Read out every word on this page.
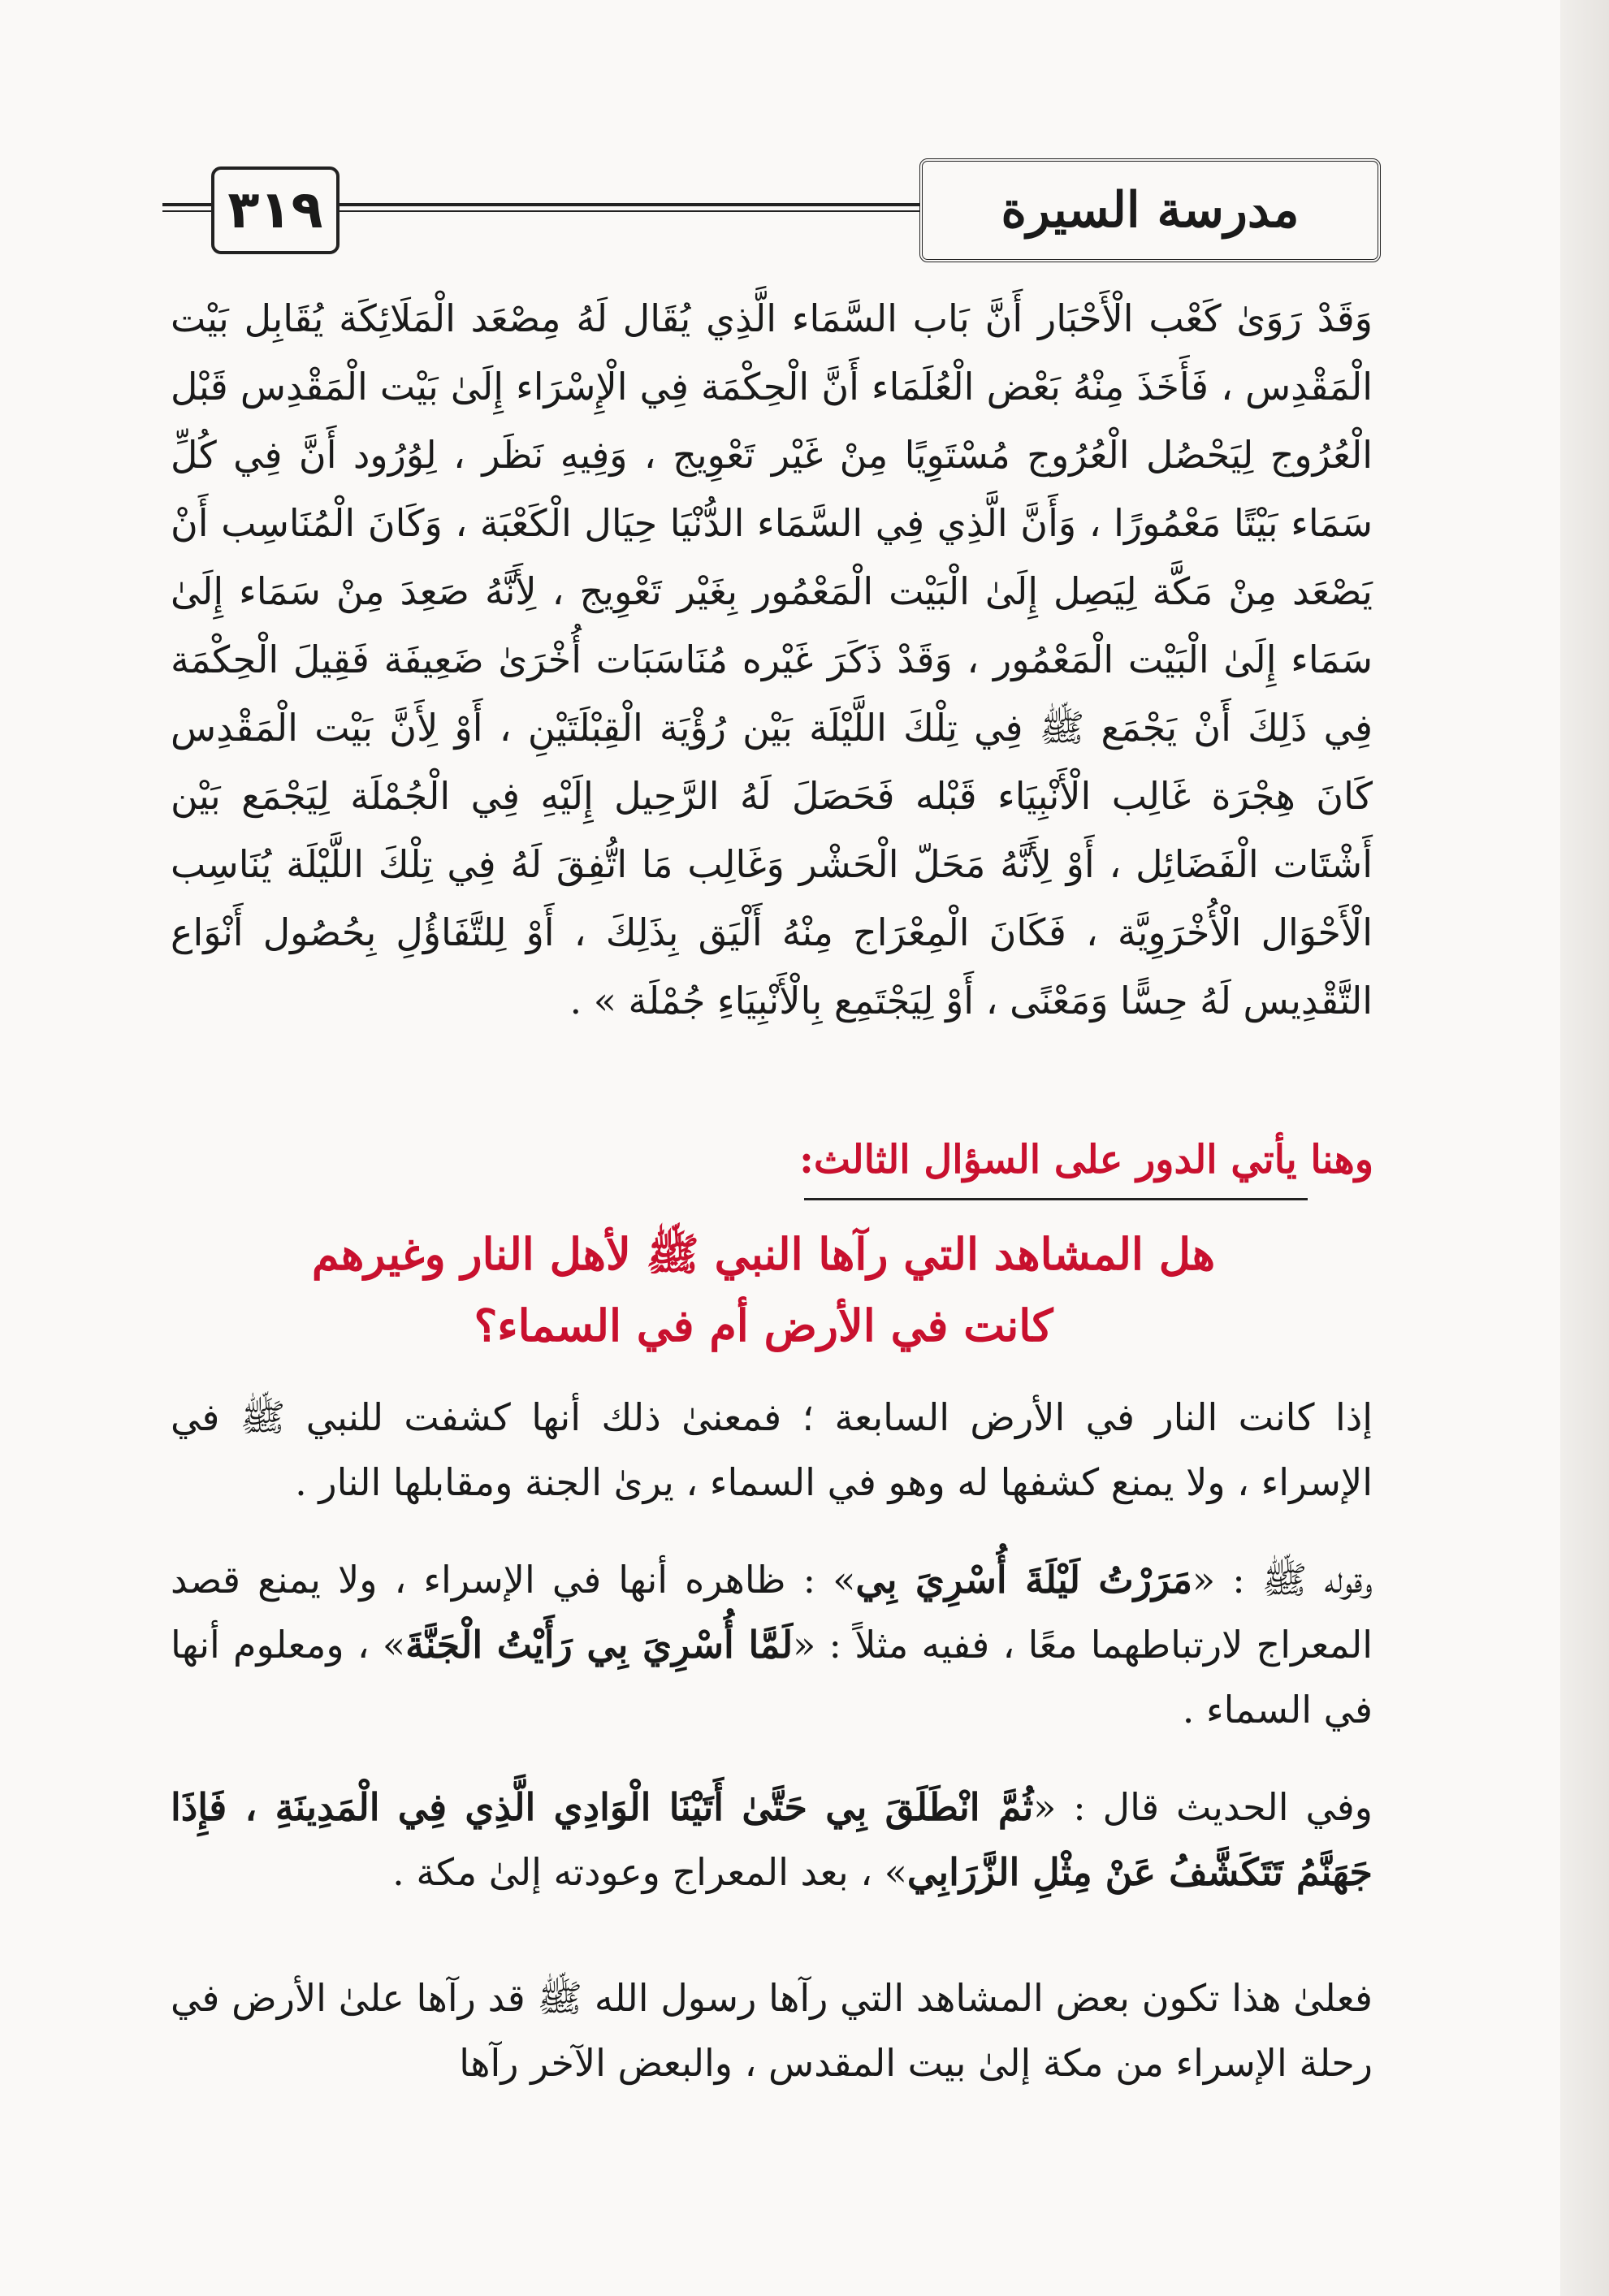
٣١٩	مدرسة السيرة
وَقَدْ رَوَىٰ كَعْب الْأَحْبَار أَنَّ بَاب السَّمَاء الَّذِي يُقَال لَهُ مِصْعَد الْمَلَائِكَة يُقَابِل بَيْت الْمَقْدِس ، فَأَخَذَ مِنْهُ بَعْض الْعُلَمَاء أَنَّ الْحِكْمَة فِي الْإِسْرَاء إِلَىٰ بَيْت الْمَقْدِس قَبْل الْعُرُوج لِيَحْصُل الْعُرُوج مُسْتَوِيًا مِنْ غَيْر تَعْوِيج ، وَفِيهِ نَظَر ، لِوُرُود أَنَّ فِي كُلِّ سَمَاء بَيْتًا مَعْمُورًا ، وَأَنَّ الَّذِي فِي السَّمَاء الدُّنْيَا حِيَال الْكَعْبَة ، وَكَانَ الْمُنَاسِب أَنْ يَصْعَد مِنْ مَكَّة لِيَصِل إِلَىٰ الْبَيْت الْمَعْمُور بِغَيْر تَعْوِيج ، لِأَنَّهُ صَعِدَ مِنْ سَمَاء إِلَىٰ سَمَاء إِلَىٰ الْبَيْت الْمَعْمُور ، وَقَدْ ذَكَرَ غَيْره مُنَاسَبَات أُخْرَىٰ ضَعِيفَة فَقِيلَ الْحِكْمَة فِي ذَلِكَ أَنْ يَجْمَع ﷺ فِي تِلْكَ اللَّيْلَة بَيْن رُؤْيَة الْقِبْلَتَيْنِ ، أَوْ لِأَنَّ بَيْت الْمَقْدِس كَانَ هِجْرَة غَالِب الْأَنْبِيَاء قَبْله فَحَصَلَ لَهُ الرَّحِيل إِلَيْهِ فِي الْجُمْلَة لِيَجْمَع بَيْن أَشْتَات الْفَضَائِل ، أَوْ لِأَنَّهُ مَحَلّ الْحَشْر وَغَالِب مَا اتُّفِقَ لَهُ فِي تِلْكَ اللَّيْلَة يُنَاسِب الْأَحْوَال الْأُخْرَوِيَّة ، فَكَانَ الْمِعْرَاج مِنْهُ أَلْيَق بِذَلِكَ ، أَوْ لِلتَّفَاؤُلِ بِحُصُول أَنْوَاع التَّقْدِيس لَهُ حِسًّا وَمَعْنًى ، أَوْ لِيَجْتَمِع بِالْأَنْبِيَاءِ جُمْلَة » .
وهنا يأتي الدور على السؤال الثالث:
هل المشاهد التي رآها النبي ﷺ لأهل النار وغيرهم
كانت في الأرض أم في السماء؟
إذا كانت النار في الأرض السابعة ؛ فمعنىٰ ذلك أنها كشفت للنبي ﷺ في الإسراء ، ولا يمنع كشفها له وهو في السماء ، يرىٰ الجنة ومقابلها النار .
وقوله ﷺ : «مَرَرْتُ لَيْلَةَ أُسْرِيَ بِي» : ظاهره أنها في الإسراء ، ولا يمنع قصد المعراج لارتباطهما معًا ، ففيه مثلاً : «لَمَّا أُسْرِيَ بِي رَأَيْتُ الْجَنَّةَ» ، ومعلوم أنها في السماء .
وفي الحديث قال : «ثُمَّ انْطَلَقَ بِي حَتَّىٰ أَتَيْنَا الْوَادِي الَّذِي فِي الْمَدِينَةِ ، فَإِذَا جَهَنَّمُ تَتَكَشَّفُ عَنْ مِثْلِ الزَّرَابِي» ، بعد المعراج وعودته إلىٰ مكة .
فعلىٰ هذا تكون بعض المشاهد التي رآها رسول الله ﷺ قد رآها علىٰ الأرض في رحلة الإسراء من مكة إلىٰ بيت المقدس ، والبعض الآخر رآها
